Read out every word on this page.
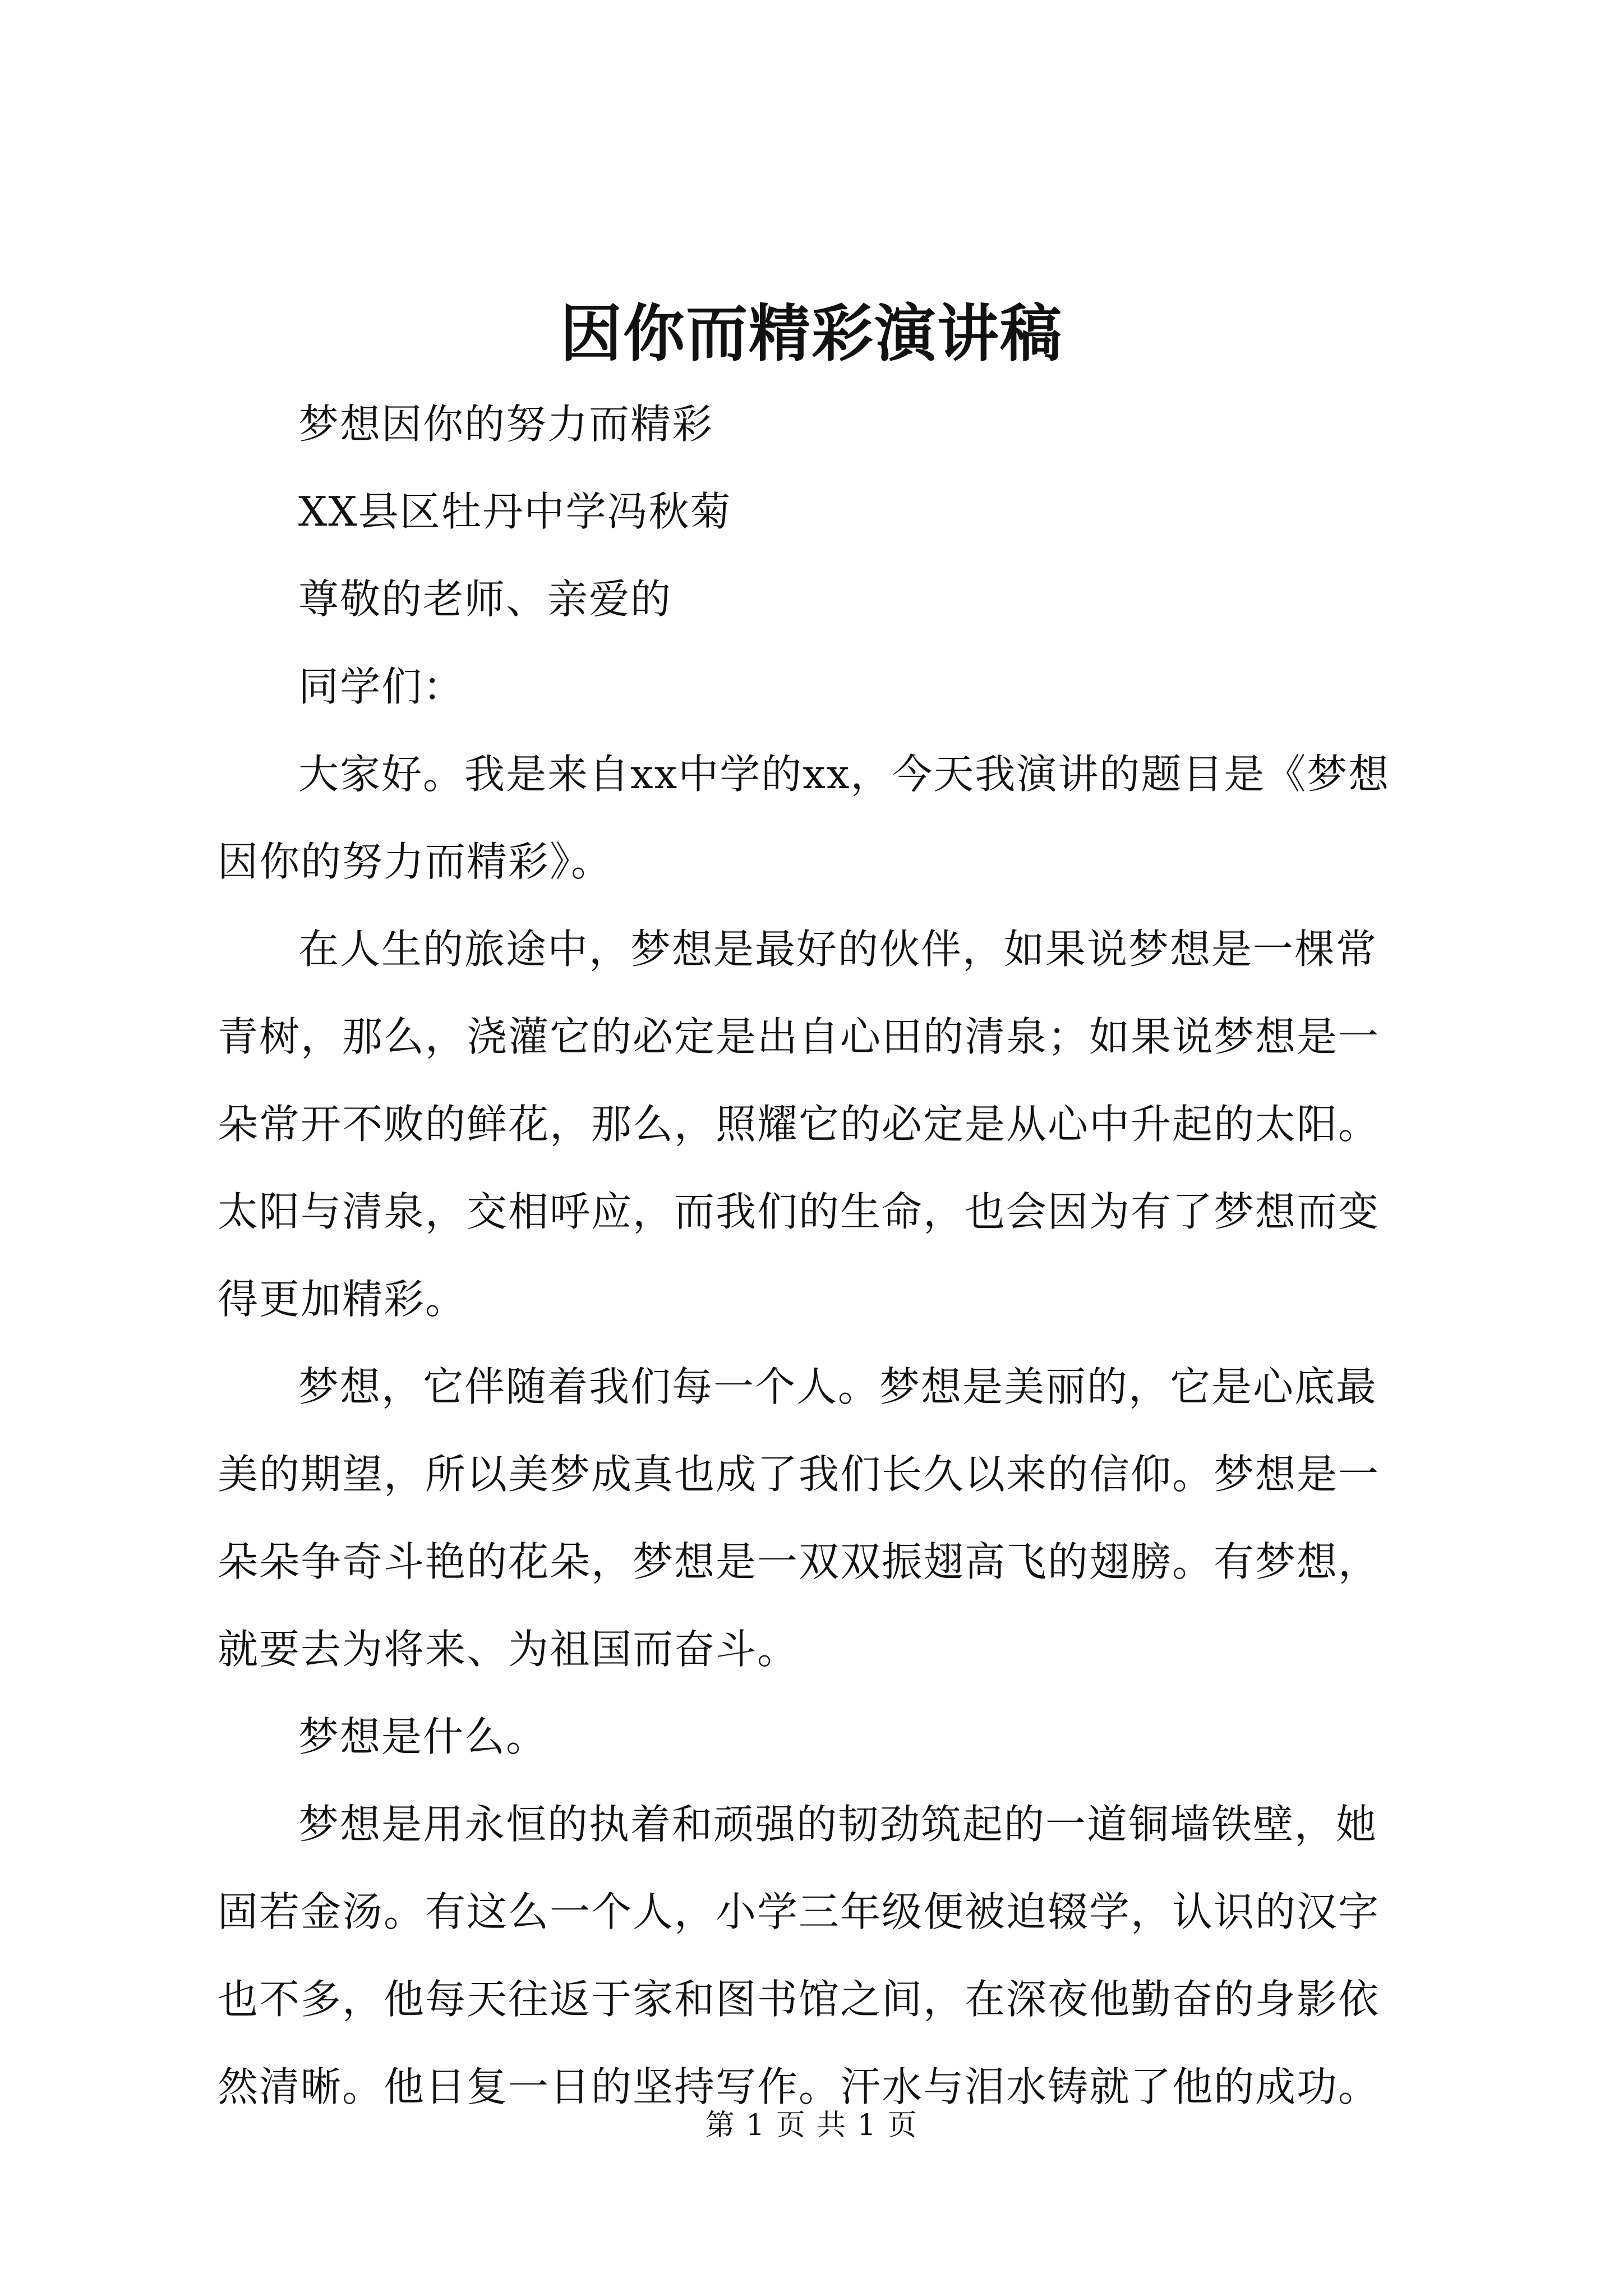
因你而精彩演讲稿

梦想因你的努力而精彩

XX县区牡丹中学冯秋菊

尊敬的老师、亲爱的

同学们：

大家好。我是来自xx中学的xx，今天我演讲的题目是《梦想因你的努力而精彩》。

在人生的旅途中，梦想是最好的伙伴，如果说梦想是一棵常青树，那么，浇灌它的必定是出自心田的清泉；如果说梦想是一朵常开不败的鲜花，那么，照耀它的必定是从心中升起的太阳。太阳与清泉，交相呼应，而我们的生命，也会因为有了梦想而变得更加精彩。

梦想，它伴随着我们每一个人。梦想是美丽的，它是心底最美的期望，所以美梦成真也成了我们长久以来的信仰。梦想是一朵朵争奇斗艳的花朵，梦想是一双双振翅高飞的翅膀。有梦想，就要去为将来、为祖国而奋斗。

梦想是什么。

梦想是用永恒的执着和顽强的韧劲筑起的一道铜墙铁壁，她固若金汤。有这么一个人，小学三年级便被迫辍学，认识的汉字也不多，他每天往返于家和图书馆之间，在深夜他勤奋的身影依然清晰。他日复一日的坚持写作。汗水与泪水铸就了他的成功。

第 1 页 共 1 页
